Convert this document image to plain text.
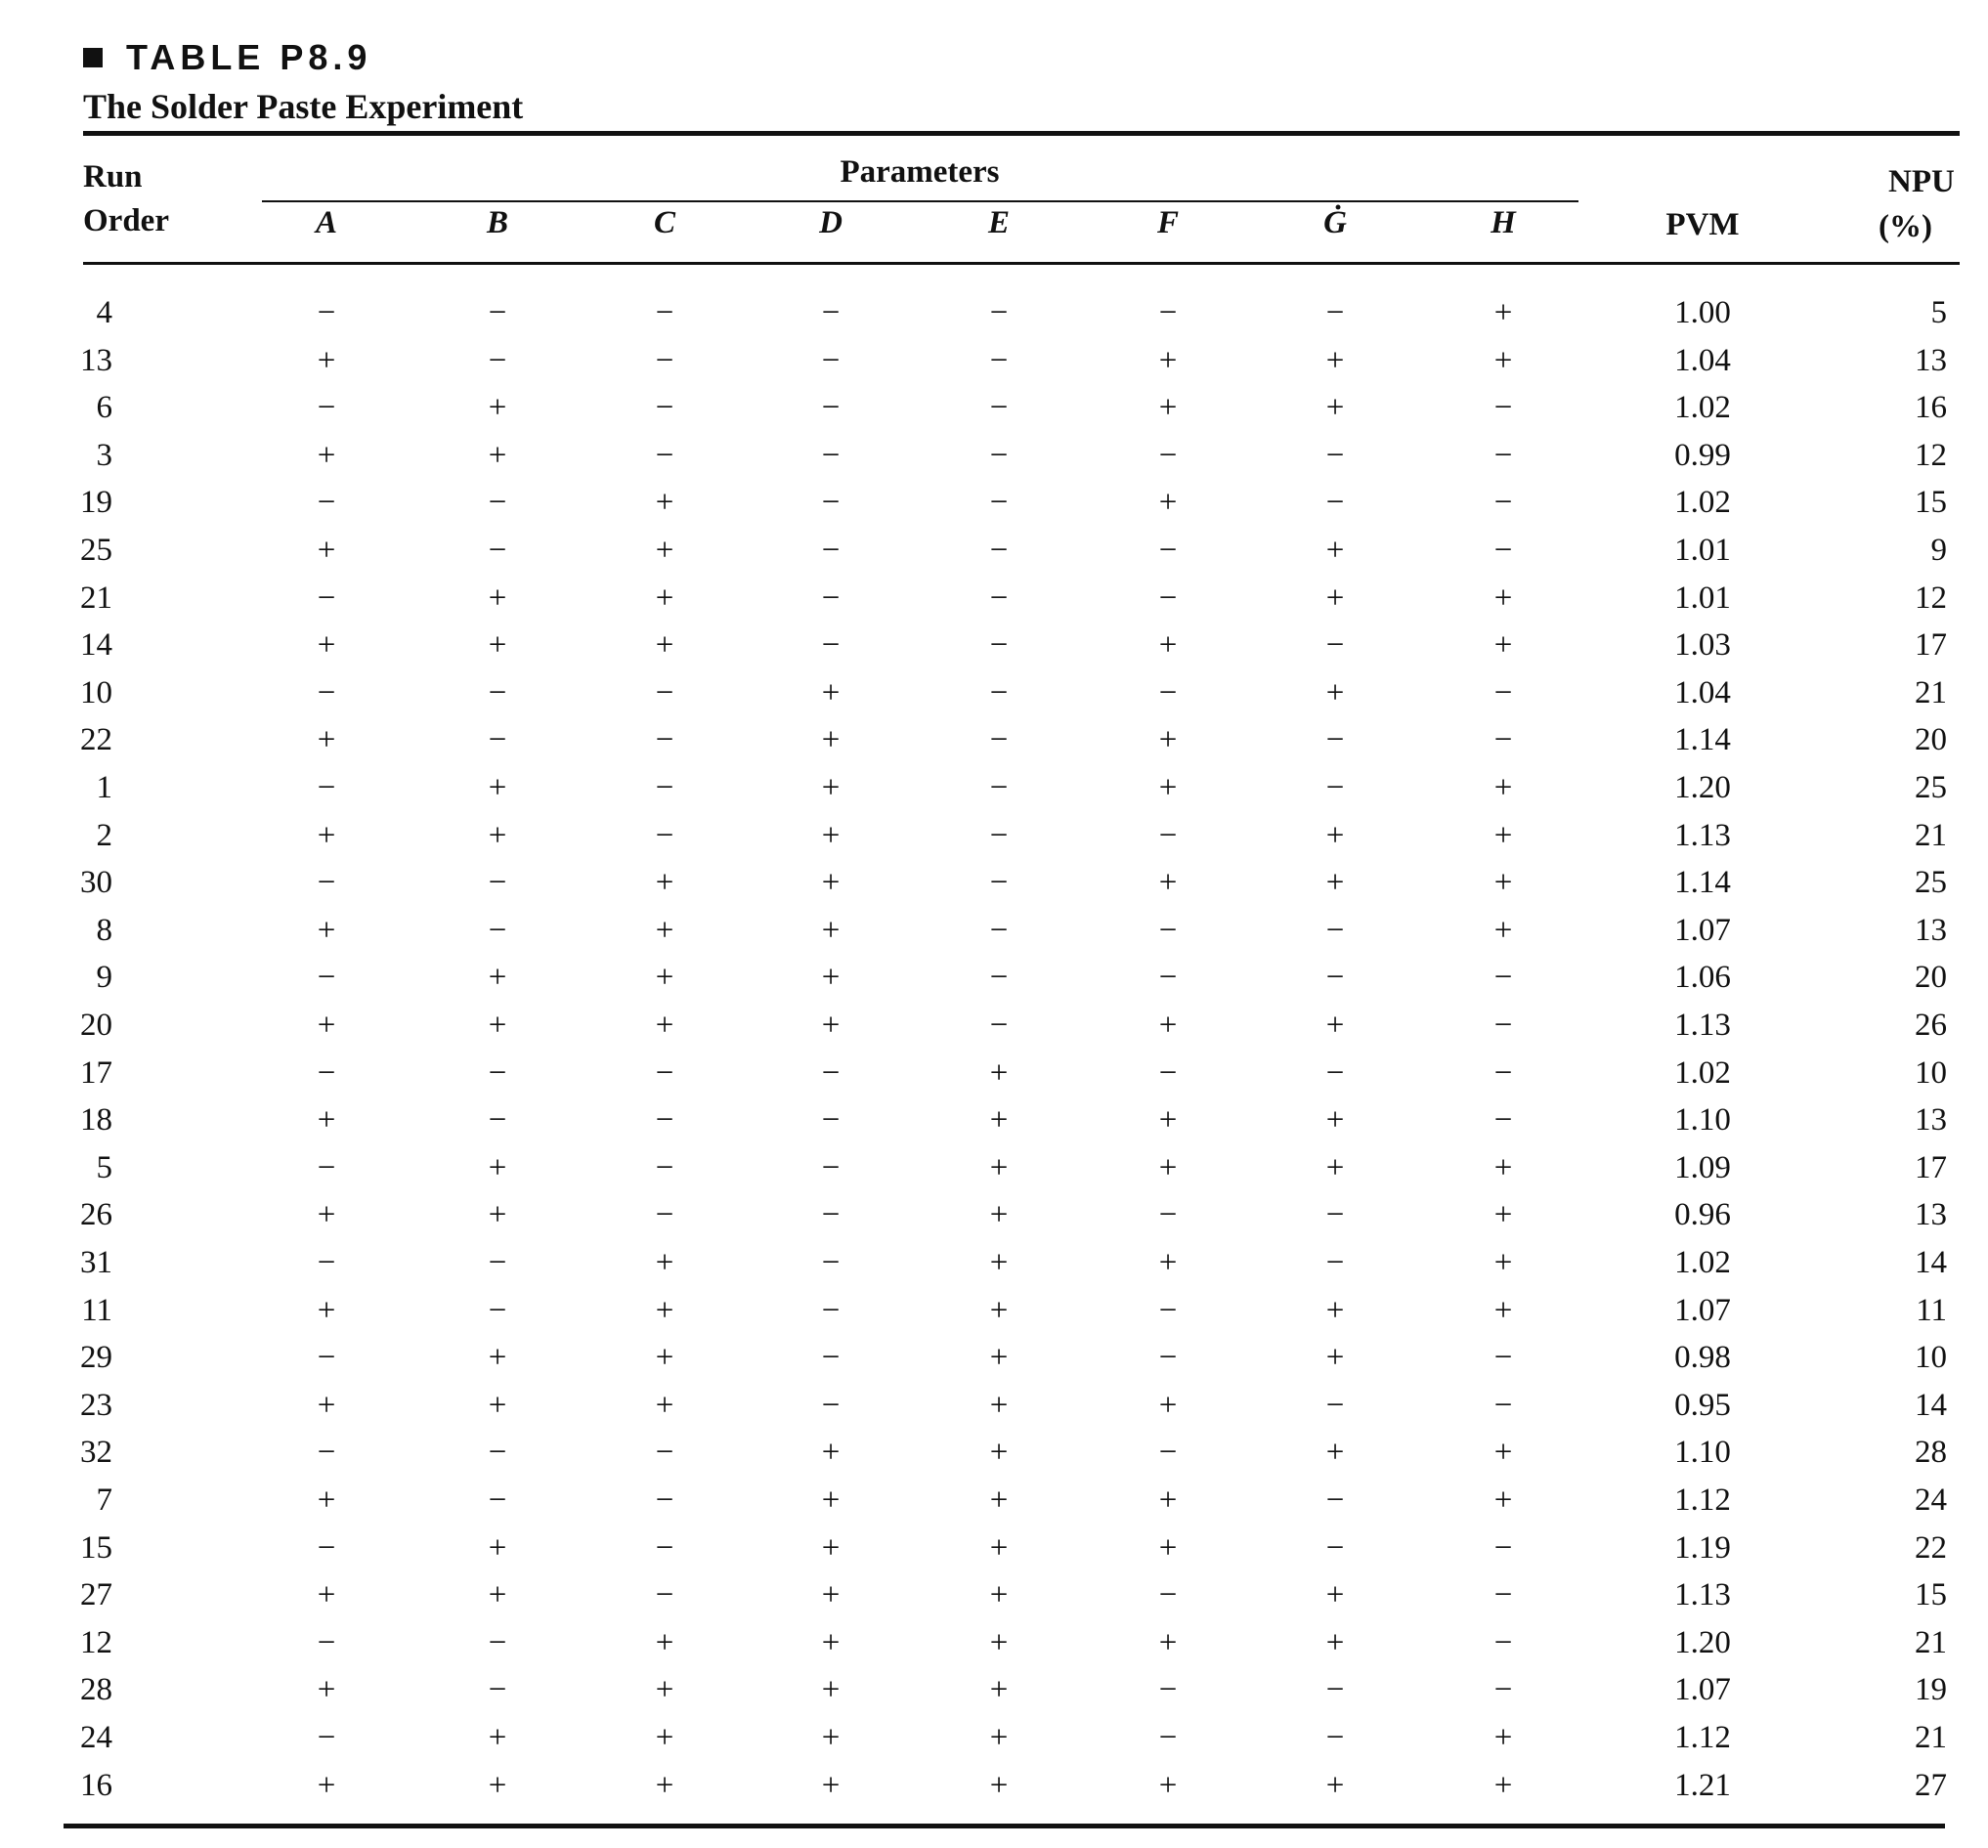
TABLE P8.9
The Solder Paste Experiment
Run
Order
Parameters
A	B	C	D	E	F	Ġ	H	PVM
NPU
(%)
4	−	−	−	−	−	−	−	+	1.00	5
13	+	−	−	−	−	+	+	+	1.04	13
6	−	+	−	−	−	+	+	−	1.02	16
3	+	+	−	−	−	−	−	−	0.99	12
19	−	−	+	−	−	+	−	−	1.02	15
25	+	−	+	−	−	−	+	−	1.01	9
21	−	+	+	−	−	−	+	+	1.01	12
14	+	+	+	−	−	+	−	+	1.03	17
10	−	−	−	+	−	−	+	−	1.04	21
22	+	−	−	+	−	+	−	−	1.14	20
1	−	+	−	+	−	+	−	+	1.20	25
2	+	+	−	+	−	−	+	+	1.13	21
30	−	−	+	+	−	+	+	+	1.14	25
8	+	−	+	+	−	−	−	+	1.07	13
9	−	+	+	+	−	−	−	−	1.06	20
20	+	+	+	+	−	+	+	−	1.13	26
17	−	−	−	−	+	−	−	−	1.02	10
18	+	−	−	−	+	+	+	−	1.10	13
5	−	+	−	−	+	+	+	+	1.09	17
26	+	+	−	−	+	−	−	+	0.96	13
31	−	−	+	−	+	+	−	+	1.02	14
11	+	−	+	−	+	−	+	+	1.07	11
29	−	+	+	−	+	−	+	−	0.98	10
23	+	+	+	−	+	+	−	−	0.95	14
32	−	−	−	+	+	−	+	+	1.10	28
7	+	−	−	+	+	+	−	+	1.12	24
15	−	+	−	+	+	+	−	−	1.19	22
27	+	+	−	+	+	−	+	−	1.13	15
12	−	−	+	+	+	+	+	−	1.20	21
28	+	−	+	+	+	−	−	−	1.07	19
24	−	+	+	+	+	−	−	+	1.12	21
16	+	+	+	+	+	+	+	+	1.21	27
